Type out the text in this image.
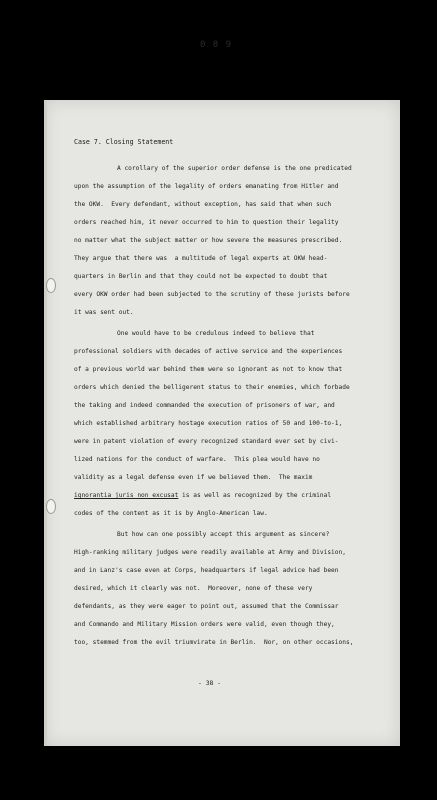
0 8 9
Case 7. Closing Statement

A corollary of the superior order defense is the one predicated

upon the assumption of the legality of orders emanating from Hitler and

the OKW.  Every defendant, without exception, has said that when such

orders reached him, it never occurred to him to question their legality

no matter what the subject matter or how severe the measures prescribed.

They argue that there was  a multitude of legal experts at OKW head-

quarters in Berlin and that they could not be expected to doubt that

every OKW order had been subjected to the scrutiny of these jurists before

it was sent out.

One would have to be credulous indeed to believe that

professional soldiers with decades of active service and the experiences

of a previous world war behind them were so ignorant as not to know that

orders which denied the belligerent status to their enemies, which forbade

the taking and indeed commanded the execution of prisoners of war, and

which established arbitrary hostage execution ratios of 50 and 100-to-1,

were in patent violation of every recognized standard ever set by civi-

lized nations for the conduct of warfare.  This plea would have no

validity as a legal defense even if we believed them.  The maxim

ignorantia juris non excusat is as well as recognized by the criminal

codes of the content as it is by Anglo-American law.

But how can one possibly accept this argument as sincere?

High-ranking military judges were readily available at Army and Division,

and in Lanz's case even at Corps, headquarters if legal advice had been

desired, which it clearly was not.  Moreover, none of these very

defendants, as they were eager to point out, assumed that the Commissar

and Commando and Military Mission orders were valid, even though they,

too, stemmed from the evil triumvirate in Berlin.  Nor, on other occasions,

- 38 -
